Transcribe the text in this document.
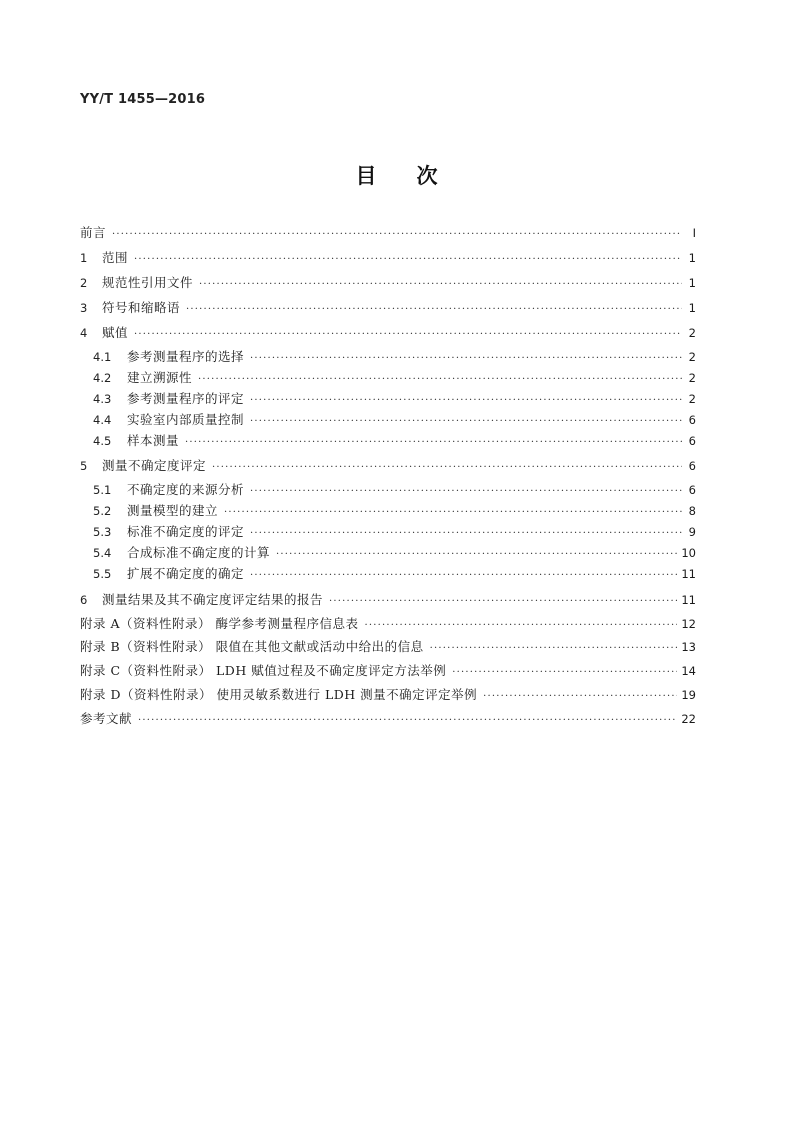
YY/T 1455—2016
目 次
前言 ·····	Ⅰ
1	范围 ·····	1
2	规范性引用文件 ·····	1
3	符号和缩略语 ·····	1
4	赋值 ·····	2
4.1	参考测量程序的选择 ·····	2
4.2	建立溯源性 ·····	2
4.3	参考测量程序的评定 ·····	2
4.4	实验室内部质量控制 ·····	6
4.5	样本测量 ·····	6
5	测量不确定度评定 ·····	6
5.1	不确定度的来源分析 ·····	6
5.2	测量模型的建立 ·····	8
5.3	标准不确定度的评定 ·····	9
5.4	合成标准不确定度的计算 ·····	10
5.5	扩展不确定度的确定 ·····	11
6	测量结果及其不确定度评定结果的报告 ·····	11
附录 A（资料性附录） 酶学参考测量程序信息表 ·····	12
附录 B（资料性附录） 限值在其他文献或活动中给出的信息 ·····	13
附录 C（资料性附录） LDH 赋值过程及不确定度评定方法举例 ·····	14
附录 D（资料性附录） 使用灵敏系数进行 LDH 测量不确定评定举例 ·····	19
参考文献 ·····	22
